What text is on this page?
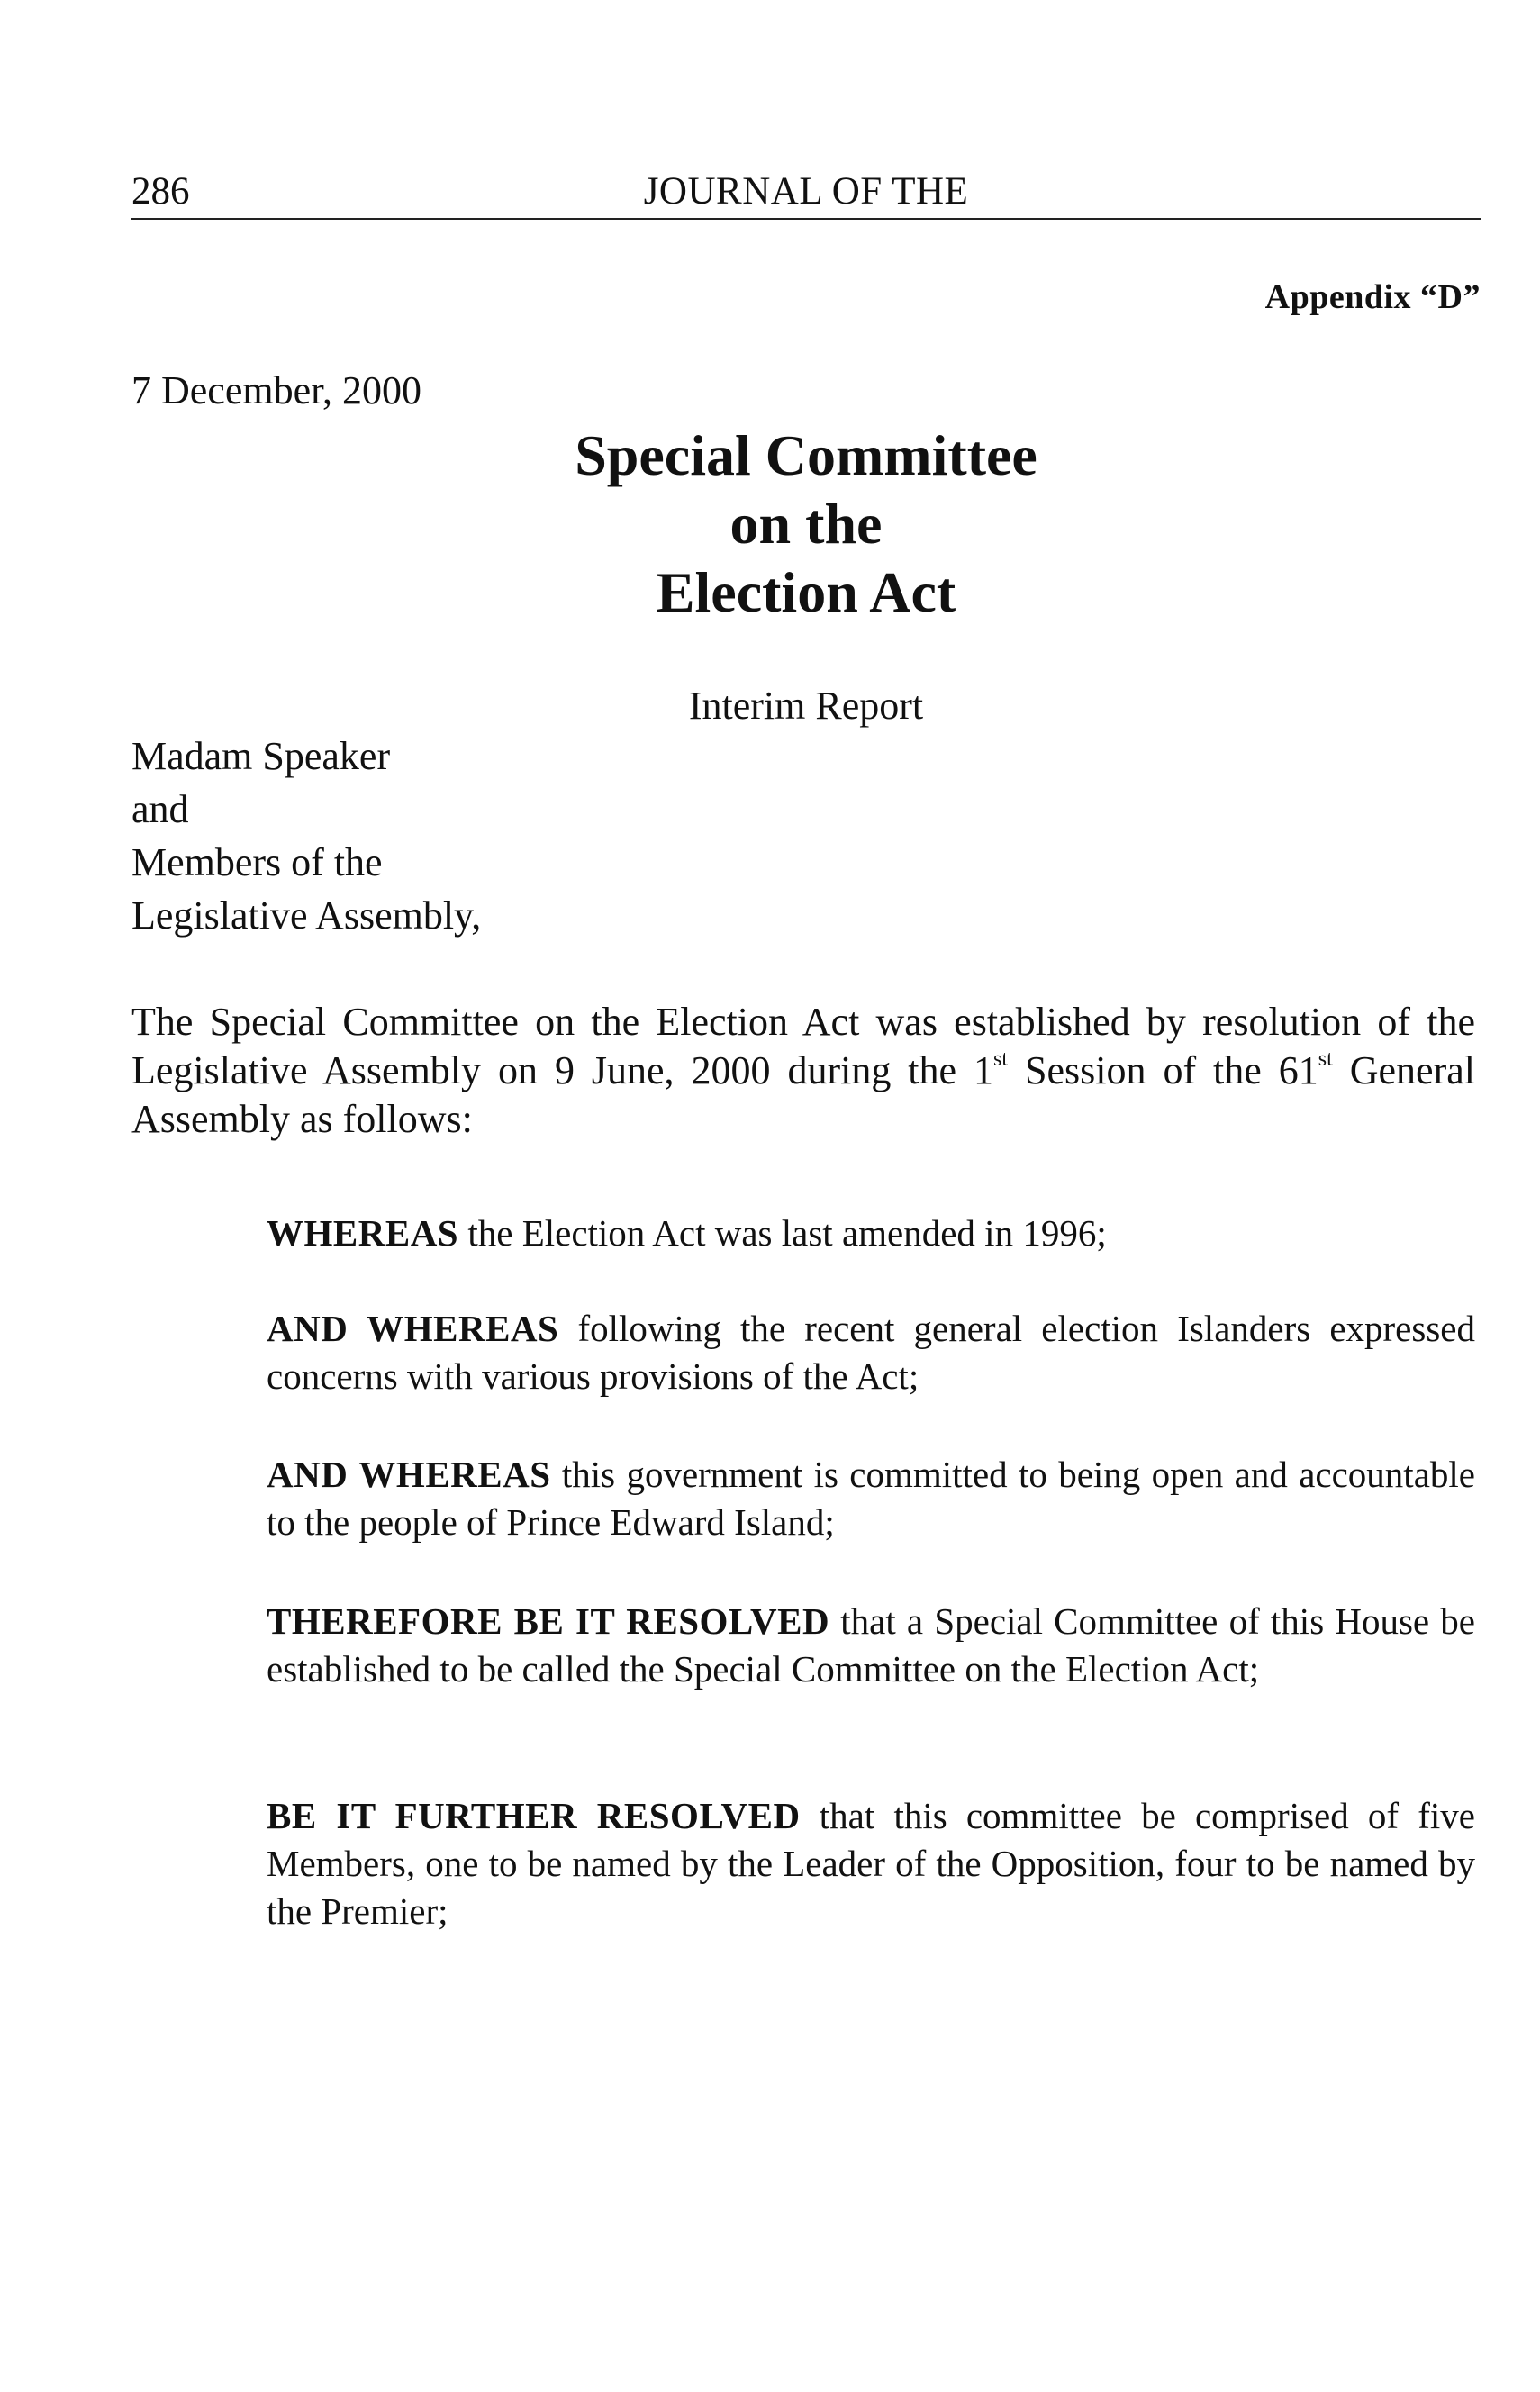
286	JOURNAL OF THE
Appendix “D”
7 December, 2000
Special Committee
on the
Election Act
Interim Report
Madam Speaker
and
Members of the
Legislative Assembly,
The Special Committee on the Election Act was established by resolution of the Legislative Assembly on 9 June, 2000 during the 1st Session of the 61st General Assembly as follows:
WHEREAS the Election Act was last amended in 1996;
AND WHEREAS following the recent general election Islanders expressed concerns with various provisions of the Act;
AND WHEREAS this government is committed to being open and accountable to the people of Prince Edward Island;
THEREFORE BE IT RESOLVED that a Special Committee of this House be established to be called the Special Committee on the Election Act;
BE IT FURTHER RESOLVED that this committee be comprised of five Members, one to be named by the Leader of the Opposition, four to be named by the Premier;
